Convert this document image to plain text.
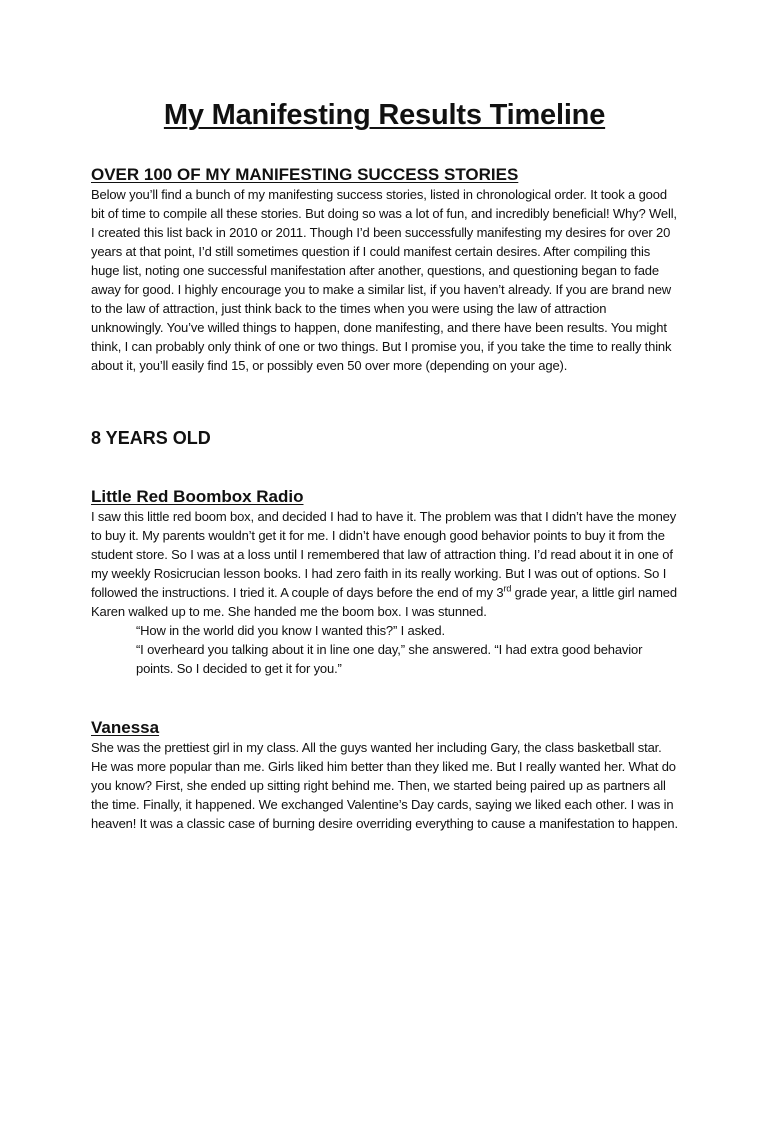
My Manifesting Results Timeline
OVER 100 OF MY MANIFESTING SUCCESS STORIES

Below you’ll find a bunch of my manifesting success stories, listed in chronological order. It took a good bit of time to compile all these stories. But doing so was a lot of fun, and incredibly beneficial! Why? Well, I created this list back in 2010 or 2011. Though I’d been successfully manifesting my desires for over 20 years at that point, I’d still sometimes question if I could manifest certain desires. After compiling this huge list, noting one successful manifestation after another, questions, and questioning began to fade away for good. I highly encourage you to make a similar list, if you haven’t already. If you are brand new to the law of attraction, just think back to the times when you were using the law of attraction unknowingly. You’ve willed things to happen, done manifesting, and there have been results. You might think, I can probably only think of one or two things. But I promise you, if you take the time to really think about it, you’ll easily find 15, or possibly even 50 over more (depending on your age).

8 YEARS OLD
Little Red Boombox Radio

I saw this little red boom box, and decided I had to have it. The problem was that I didn’t have the money to buy it. My parents wouldn’t get it for me. I didn’t have enough good behavior points to buy it from the student store. So I was at a loss until I remembered that law of attraction thing. I’d read about it in one of my weekly Rosicrucian lesson books. I had zero faith in its really working. But I was out of options. So I followed the instructions. I tried it. A couple of days before the end of my 3rd grade year, a little girl named Karen walked up to me. She handed me the boom box. I was stunned.

“How in the world did you know I wanted this?” I asked.

“I overheard you talking about it in line one day,” she answered. “I had extra good behavior points. So I decided to get it for you.”

Vanessa

She was the prettiest girl in my class. All the guys wanted her including Gary, the class basketball star. He was more popular than me. Girls liked him better than they liked me. But I really wanted her. What do you know? First, she ended up sitting right behind me. Then, we started being paired up as partners all the time. Finally, it happened. We exchanged Valentine’s Day cards, saying we liked each other. I was in heaven! It was a classic case of burning desire overriding everything to cause a manifestation to happen.
